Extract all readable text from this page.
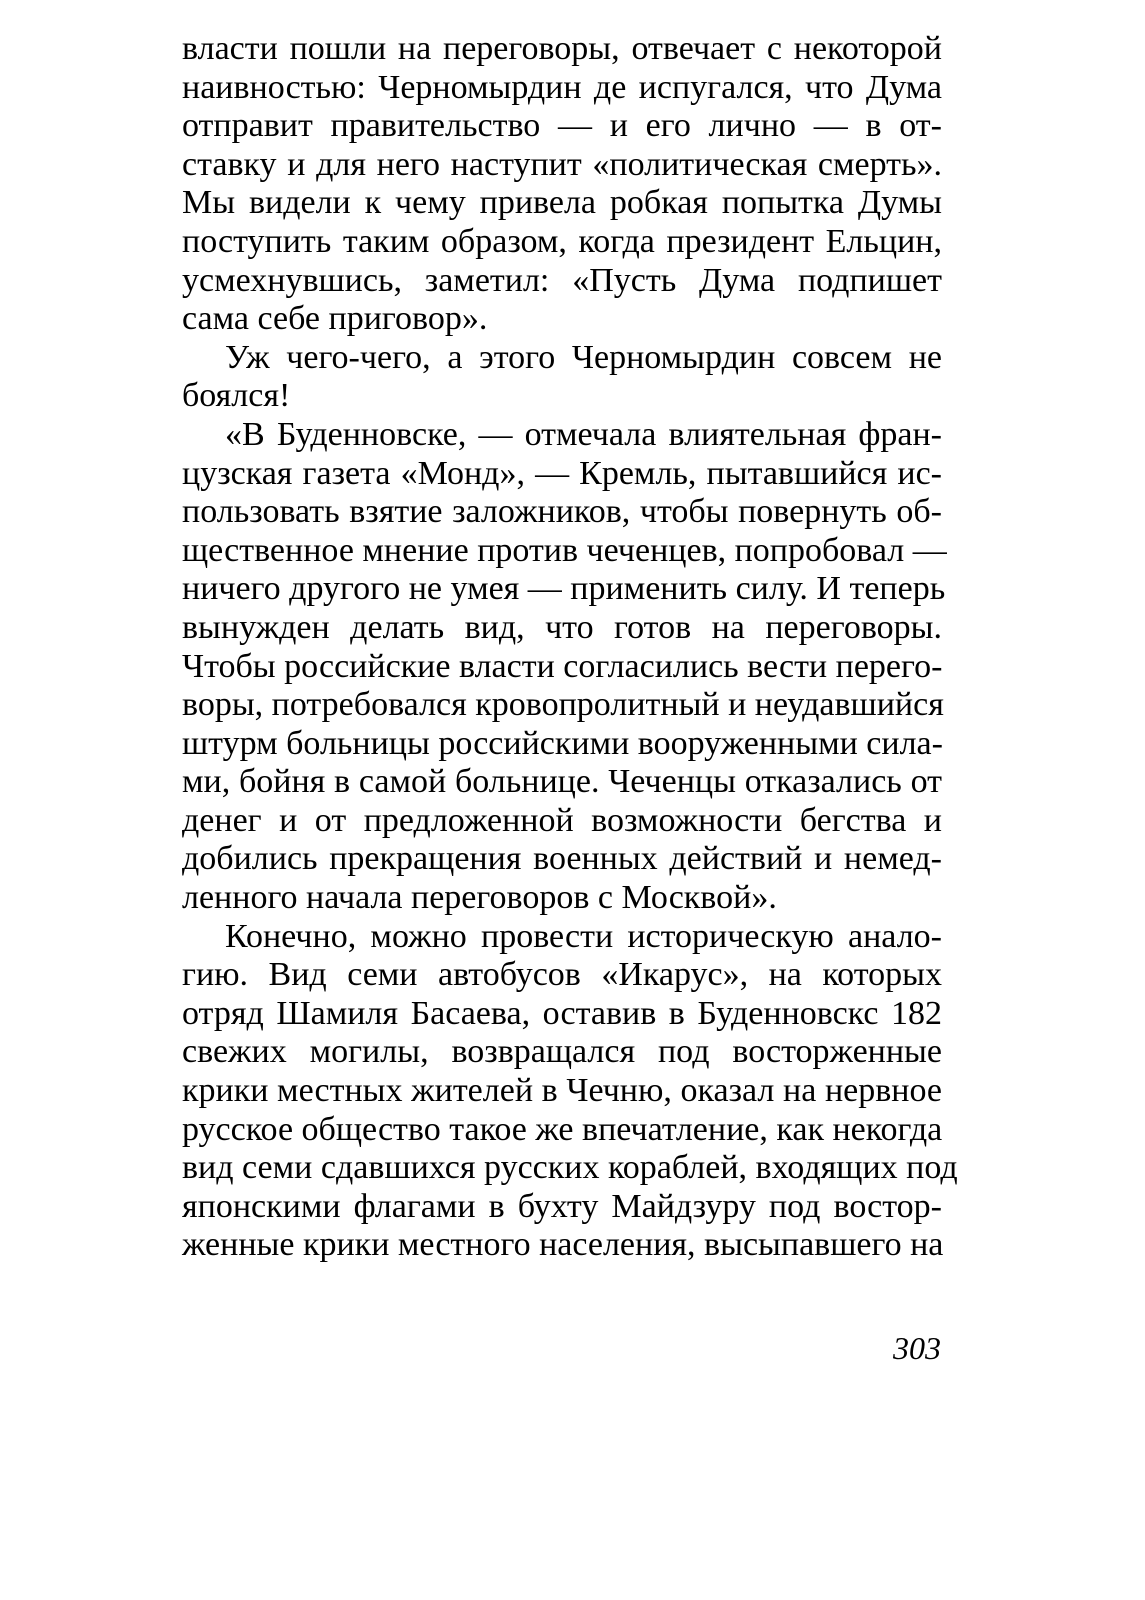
власти пошли на переговоры, отвечает с некоторой
наивностью: Черномырдин де испугался, что Дума
отправит правительство — и его лично — в от-
ставку и для него наступит «политическая смерть».
Мы видели к чему привела робкая попытка Думы
поступить таким образом, когда президент Ельцин,
усмехнувшись, заметил: «Пусть Дума подпишет
сама себе приговор».
Уж чего-чего, а этого Черномырдин совсем не
боялся!
«В Буденновске, — отмечала влиятельная фран-
цузская газета «Монд», — Кремль, пытавшийся ис-
пользовать взятие заложников, чтобы повернуть об-
щественное мнение против чеченцев, попробовал —
ничего другого не умея — применить силу. И теперь
вынужден делать вид, что готов на переговоры.
Чтобы российские власти согласились вести перего-
воры, потребовался кровопролитный и неудавшийся
штурм больницы российскими вооруженными сила-
ми, бойня в самой больнице. Чеченцы отказались от
денег и от предложенной возможности бегства и
добились прекращения военных действий и немед-
ленного начала переговоров с Москвой».
Конечно, можно провести историческую анало-
гию. Вид семи автобусов «Икарус», на которых
отряд Шамиля Басаева, оставив в Буденновскс 182
свежих могилы, возвращался под восторженные
крики местных жителей в Чечню, оказал на нервное
русское общество такое же впечатление, как некогда
вид семи сдавшихся русских кораблей, входящих под
японскими флагами в бухту Майдзуру под востор-
женные крики местного населения, высыпавшего на
303
